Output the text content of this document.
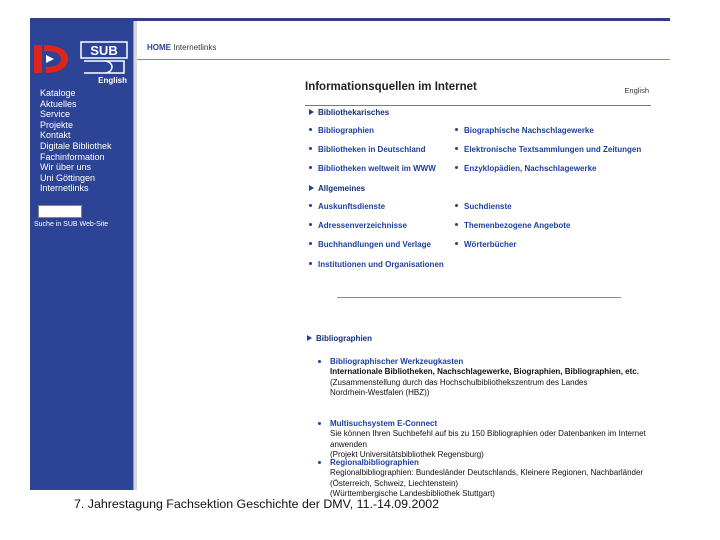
SUB
English
Kataloge
Aktuelles
Service
Projekte
Kontakt
Digitale Bibliothek
Fachinformation
Wir über uns
Uni Göttingen
Internetlinks
Suche in SUB Web-Site
HOME Internetlinks
Informationsquellen im Internet	English
Bibliothekarisches
Bibliographien
Bibliotheken in Deutschland
Bibliotheken weltweit im WWW
Biographische Nachschlagewerke
Elektronische Textsammlungen und Zeitungen
Enzyklopädien, Nachschlagewerke
Allgemeines
Auskunftsdienste
Adressenverzeichnisse
Buchhandlungen und Verlage
Institutionen und Organisationen
Suchdienste
Themenbezogene Angebote
Wörterbücher
Bibliographien
Bibliographischer Werkzeugkasten
Internationale Bibliotheken, Nachschlagewerke, Biographien, Bibliographien, etc.
(Zusammenstellung durch das Hochschulbibliothekszentrum des Landes
Nordrhein-Westfalen (HBZ))
Multisuchsystem E-Connect
Sie können Ihren Suchbefehl auf bis zu 150 Bibliographien oder Datenbanken im Internet anwenden
(Projekt Universitätsbibliothek Regensburg)
Regionalbibliographien
Regionalbibliographien: Bundesländer Deutschlands, Kleinere Regionen, Nachbarländer
(Österreich, Schweiz, Liechtenstein)
(Württembergische Landesbibliothek Stuttgart)
7. Jahrestagung Fachsektion Geschichte der DMV, 11.-14.09.2002
